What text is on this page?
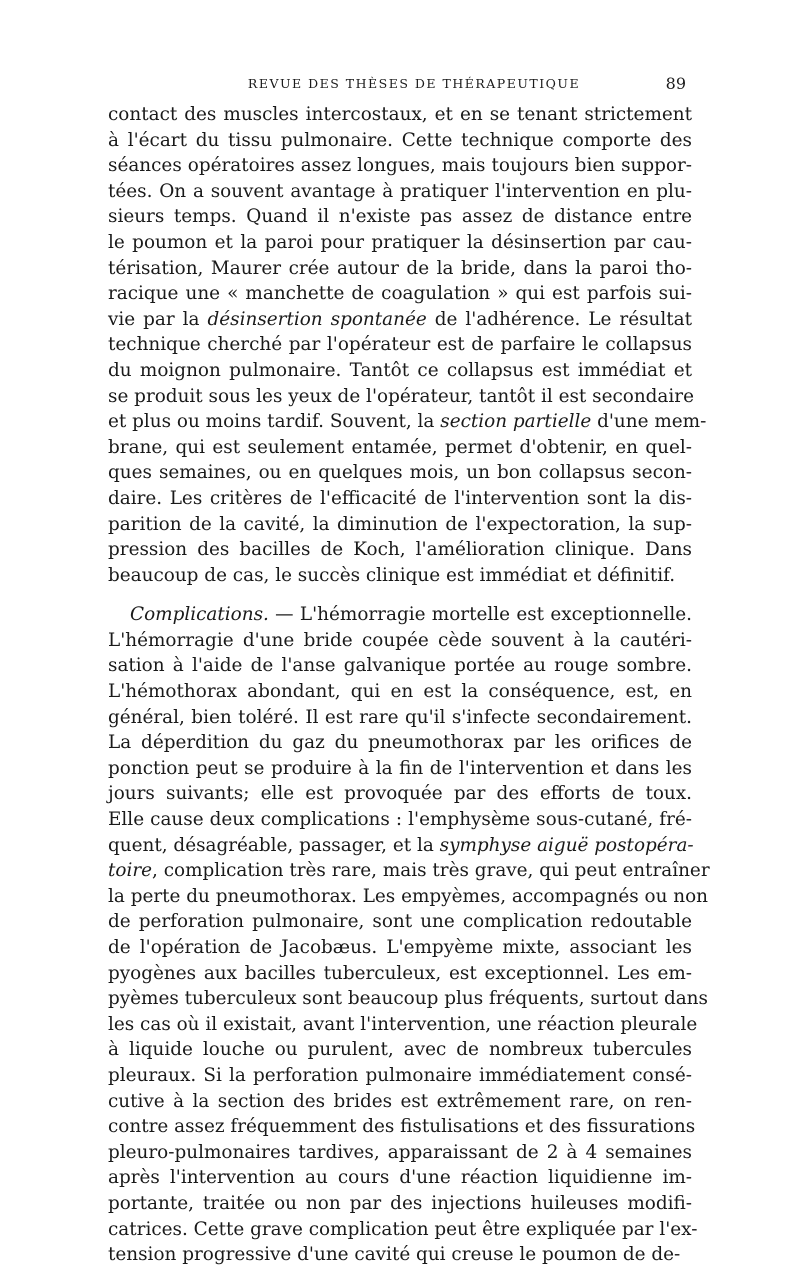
REVUE DES THÈSES DE THÉRAPEUTIQUE	89
contact des muscles intercostaux, et en se tenant strictement
à l'écart du tissu pulmonaire. Cette technique comporte des
séances opératoires assez longues, mais toujours bien suppor-
tées. On a souvent avantage à pratiquer l'intervention en plu-
sieurs temps. Quand il n'existe pas assez de distance entre
le poumon et la paroi pour pratiquer la désinsertion par cau-
térisation, Maurer crée autour de la bride, dans la paroi tho-
racique une « manchette de coagulation » qui est parfois sui-
vie par la désinsertion spontanée de l'adhérence. Le résultat
technique cherché par l'opérateur est de parfaire le collapsus
du moignon pulmonaire. Tantôt ce collapsus est immédiat et
se produit sous les yeux de l'opérateur, tantôt il est secondaire
et plus ou moins tardif. Souvent, la section partielle d'une mem-
brane, qui est seulement entamée, permet d'obtenir, en quel-
ques semaines, ou en quelques mois, un bon collapsus secon-
daire. Les critères de l'efficacité de l'intervention sont la dis-
parition de la cavité, la diminution de l'expectoration, la sup-
pression des bacilles de Koch, l'amélioration clinique. Dans
beaucoup de cas, le succès clinique est immédiat et définitif.
Complications. — L'hémorragie mortelle est exceptionnelle.
L'hémorragie d'une bride coupée cède souvent à la cautéri-
sation à l'aide de l'anse galvanique portée au rouge sombre.
L'hémothorax abondant, qui en est la conséquence, est, en
général, bien toléré. Il est rare qu'il s'infecte secondairement.
La déperdition du gaz du pneumothorax par les orifices de
ponction peut se produire à la fin de l'intervention et dans les
jours suivants; elle est provoquée par des efforts de toux.
Elle cause deux complications : l'emphysème sous-cutané, fré-
quent, désagréable, passager, et la symphyse aiguë postopéra-
toire, complication très rare, mais très grave, qui peut entraîner
la perte du pneumothorax. Les empyèmes, accompagnés ou non
de perforation pulmonaire, sont une complication redoutable
de l'opération de Jacobæus. L'empyème mixte, associant les
pyogènes aux bacilles tuberculeux, est exceptionnel. Les em-
pyèmes tuberculeux sont beaucoup plus fréquents, surtout dans
les cas où il existait, avant l'intervention, une réaction pleurale
à liquide louche ou purulent, avec de nombreux tubercules
pleuraux. Si la perforation pulmonaire immédiatement consé-
cutive à la section des brides est extrêmement rare, on ren-
contre assez fréquemment des fistulisations et des fissurations
pleuro-pulmonaires tardives, apparaissant de 2 à 4 semaines
après l'intervention au cours d'une réaction liquidienne im-
portante, traitée ou non par des injections huileuses modifi-
catrices. Cette grave complication peut être expliquée par l'ex-
tension progressive d'une cavité qui creuse le poumon de de-
